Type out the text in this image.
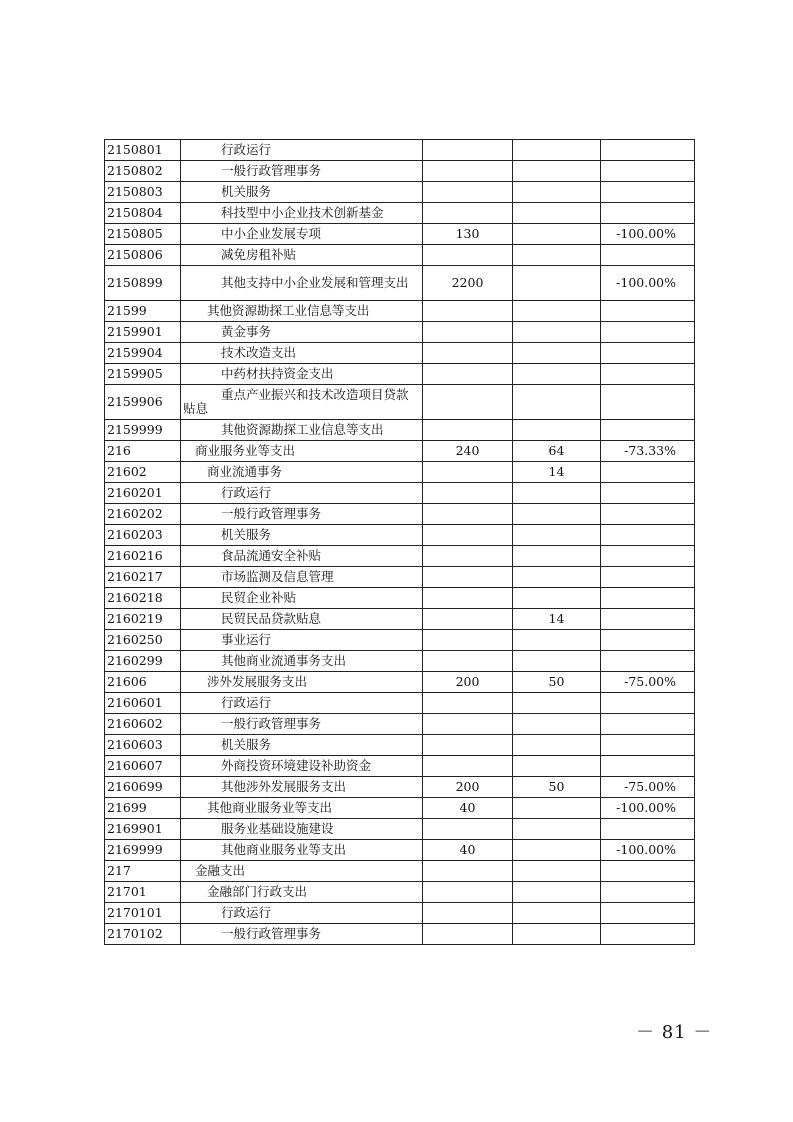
2150801	行政运行			
2150802	一般行政管理事务			
2150803	机关服务			
2150804	科技型中小企业技术创新基金			
2150805	中小企业发展专项	130		-100.00%
2150806	减免房租补贴			
2150899	其他支持中小企业发展和管理支出	2200		-100.00%
21599	其他资源勘探工业信息等支出			
2159901	黄金事务			
2159904	技术改造支出			
2159905	中药材扶持资金支出			
2159906	重点产业振兴和技术改造项目贷款贴息			
2159999	其他资源勘探工业信息等支出			
216	商业服务业等支出	240	64	-73.33%
21602	商业流通事务		14	
2160201	行政运行			
2160202	一般行政管理事务			
2160203	机关服务			
2160216	食品流通安全补贴			
2160217	市场监测及信息管理			
2160218	民贸企业补贴			
2160219	民贸民品贷款贴息		14	
2160250	事业运行			
2160299	其他商业流通事务支出			
21606	涉外发展服务支出	200	50	-75.00%
2160601	行政运行			
2160602	一般行政管理事务			
2160603	机关服务			
2160607	外商投资环境建设补助资金			
2160699	其他涉外发展服务支出	200	50	-75.00%
21699	其他商业服务业等支出	40		-100.00%
2169901	服务业基础设施建设			
2169999	其他商业服务业等支出	40		-100.00%
217	金融支出			
21701	金融部门行政支出			
2170101	行政运行			
2170102	一般行政管理事务			
－ 81 －
